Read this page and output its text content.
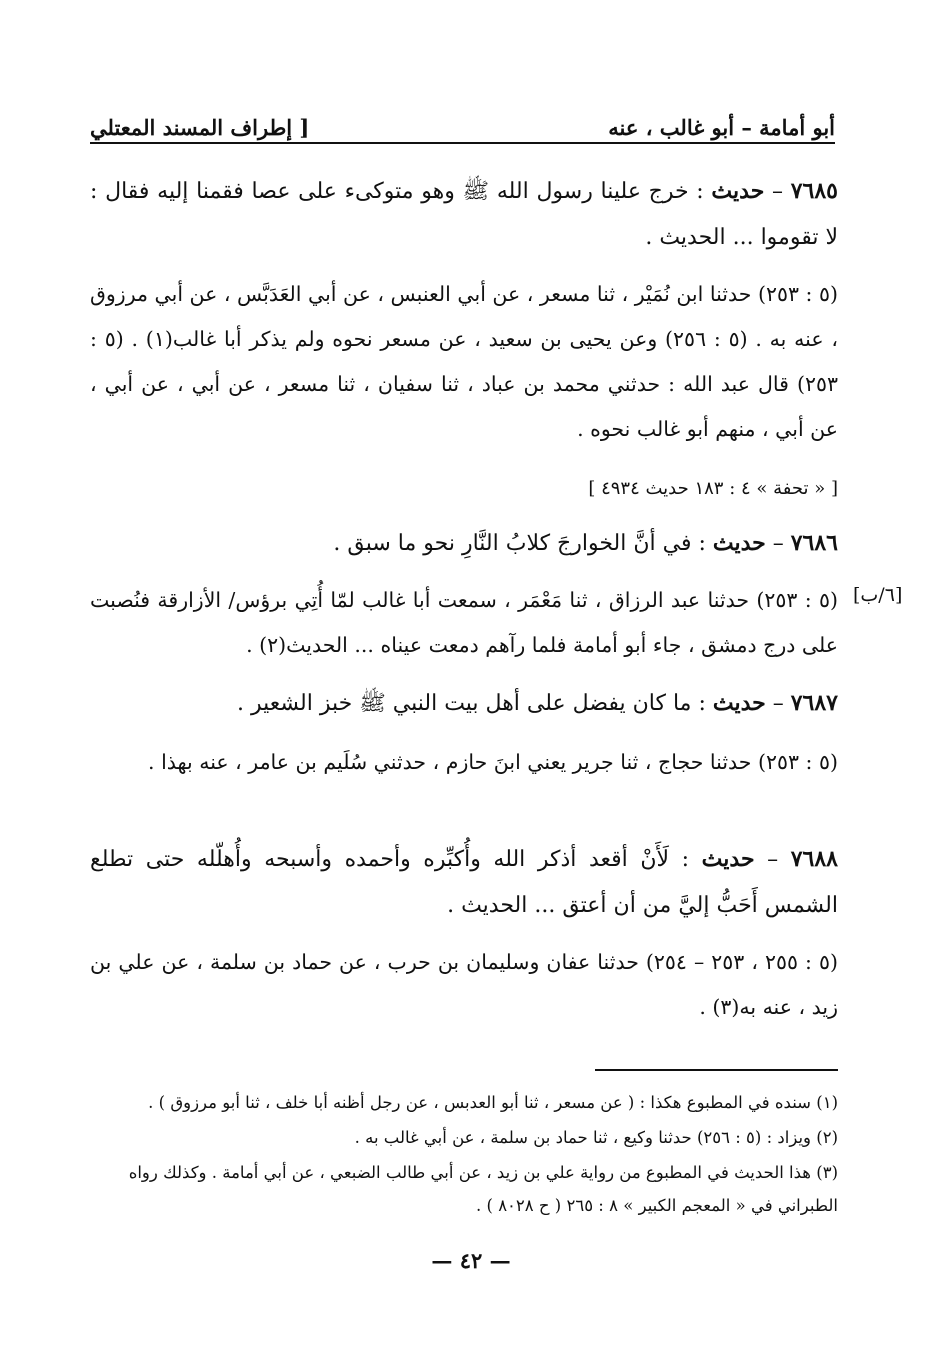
أبو أمامة – أبو غالب ، عنه
[ إطراف المسند المعتلي
٧٦٨٥ – حديث : خرج علينا رسول الله ﷺ وهو متوكىء على عصا فقمنا إليه فقال : لا تقوموا ... الحديث .
(٥ : ٢٥٣) حدثنا ابن نُمَيْر ، ثنا مسعر ، عن أبي العنبس ، عن أبي العَدَبَّس ، عن أبي مرزوق ، عنه به . (٥ : ٢٥٦) وعن يحيى بن سعيد ، عن مسعر نحوه ولم يذكر أبا غالب(١) . (٥ : ٢٥٣) قال عبد الله : حدثني محمد بن عباد ، ثنا سفيان ، ثنا مسعر ، عن أبي ، عن أبي ، عن أبي ، منهم أبو غالب نحوه .
[ « تحفة » ٤ : ١٨٣ حديث ٤٩٣٤ ]
٧٦٨٦ – حديث : في أنَّ الخوارجَ كلابُ النَّارِ نحو ما سبق .
(٥ : ٢٥٣) حدثنا عبد الرزاق ، ثنا مَعْمَر ، سمعت أبا غالب لمّا أُتِي برؤس/ الأزارقة فنُصبت على درج دمشق ، جاء أبو أمامة فلما رآهم دمعت عيناه ... الحديث(٢) .
[٦/ب]
٧٦٨٧ – حديث : ما كان يفضل على أهل بيت النبي ﷺ خبز الشعير .
(٥ : ٢٥٣) حدثنا حجاج ، ثنا جرير يعني ابنَ حازم ، حدثني سُلَيم بن عامر ، عنه بهذا .
٧٦٨٨ – حديث : لَأَنْ أقعد أذكر الله وأُكبِّره وأحمده وأسبحه وأُهلّله حتى تطلع الشمس أَحَبُّ إليَّ من أن أعتق ... الحديث .
(٥ : ٢٥٥ ، ٢٥٣ – ٢٥٤) حدثنا عفان وسليمان بن حرب ، عن حماد بن سلمة ، عن علي بن زيد ، عنه به(٣) .
(١) سنده في المطبوع هكذا : ( عن مسعر ، ثنا أبو العدبس ، عن رجل أظنه أبا خلف ، ثنا أبو مرزوق ) .
(٢) ويزاد : (٥ : ٢٥٦) حدثنا وكيع ، ثنا حماد بن سلمة ، عن أبي غالب به .
(٣) هذا الحديث في المطبوع من رواية علي بن زيد ، عن أبي طالب الضبعي ، عن أبي أمامة . وكذلك رواه الطبراني في « المعجم الكبير » ٨ : ٢٦٥ ( ح ٨٠٢٨ ) .
— ٤٢ —
